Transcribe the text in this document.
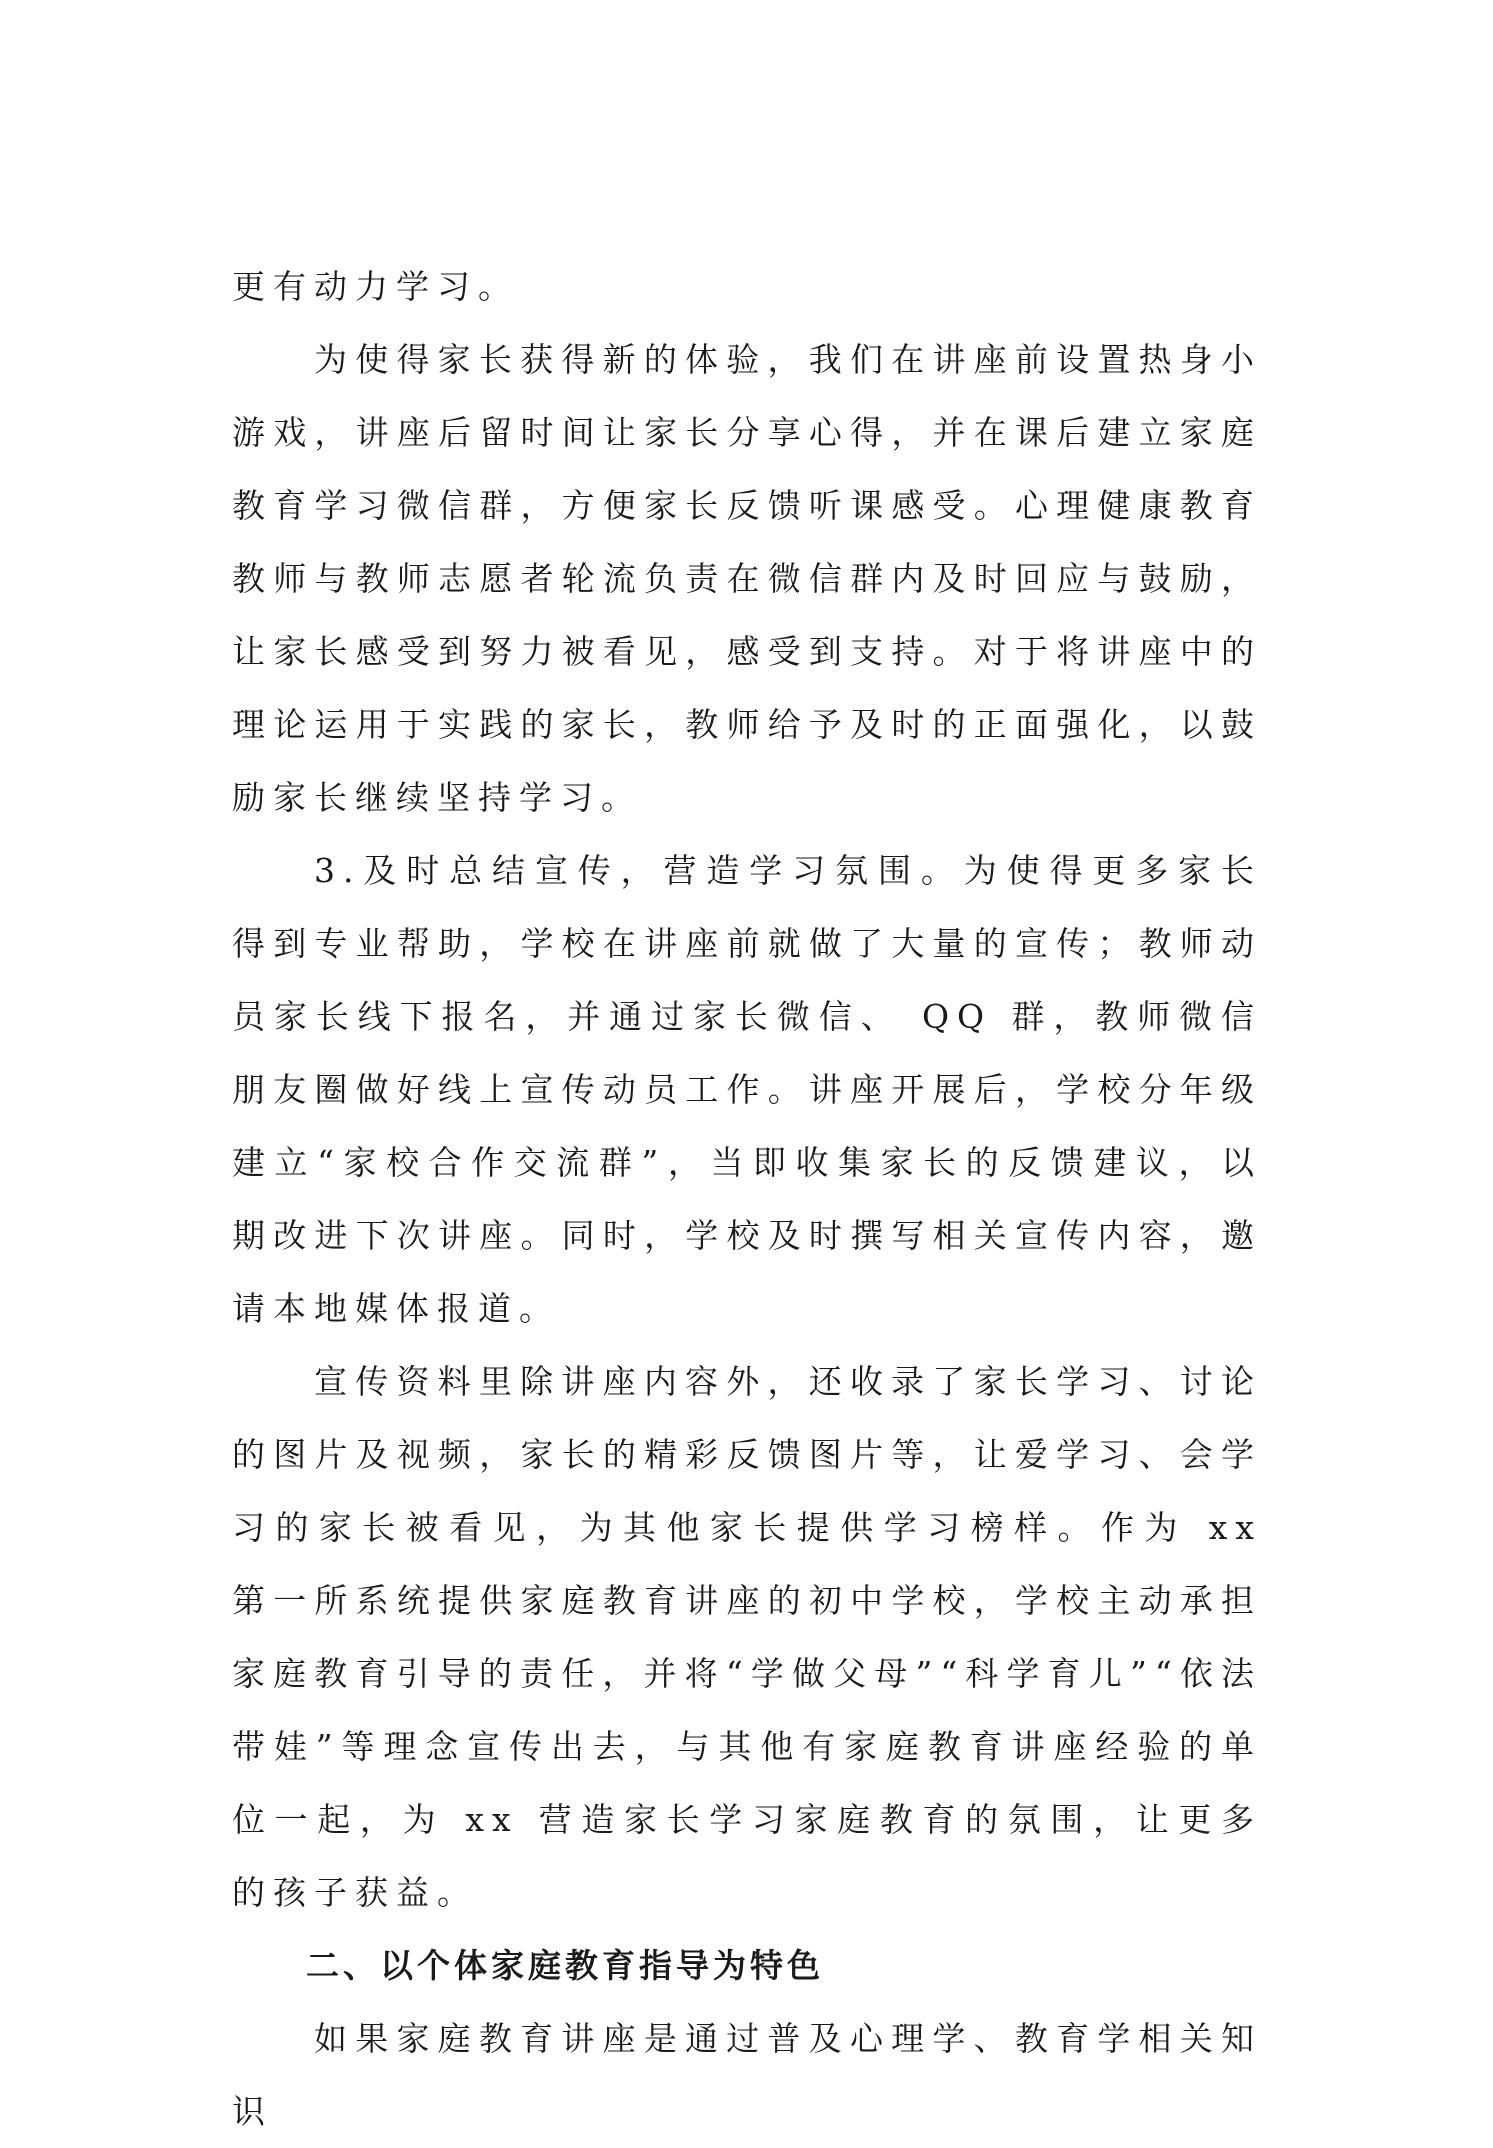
更有动力学习。

为使得家长获得新的体验，我们在讲座前设置热身小游戏，讲座后留时间让家长分享心得，并在课后建立家庭教育学习微信群，方便家长反馈听课感受。心理健康教育教师与教师志愿者轮流负责在微信群内及时回应与鼓励，让家长感受到努力被看见，感受到支持。对于将讲座中的理论运用于实践的家长，教师给予及时的正面强化，以鼓励家长继续坚持学习。

3.及时总结宣传，营造学习氛围。为使得更多家长得到专业帮助，学校在讲座前就做了大量的宣传；教师动员家长线下报名，并通过家长微信、 QQ 群，教师微信朋友圈做好线上宣传动员工作。讲座开展后，学校分年级建立“家校合作交流群”，当即收集家长的反馈建议，以期改进下次讲座。同时，学校及时撰写相关宣传内容，邀请本地媒体报道。

宣传资料里除讲座内容外，还收录了家长学习、讨论的图片及视频，家长的精彩反馈图片等，让爱学习、会学习的家长被看见，为其他家长提供学习榜样。作为 xx 第一所系统提供家庭教育讲座的初中学校，学校主动承担家庭教育引导的责任，并将“学做父母”“科学育儿”“依法带娃”等理念宣传出去，与其他有家庭教育讲座经验的单位一起，为 xx 营造家长学习家庭教育的氛围，让更多的孩子获益。

二、以个体家庭教育指导为特色

如果家庭教育讲座是通过普及心理学、教育学相关知识
